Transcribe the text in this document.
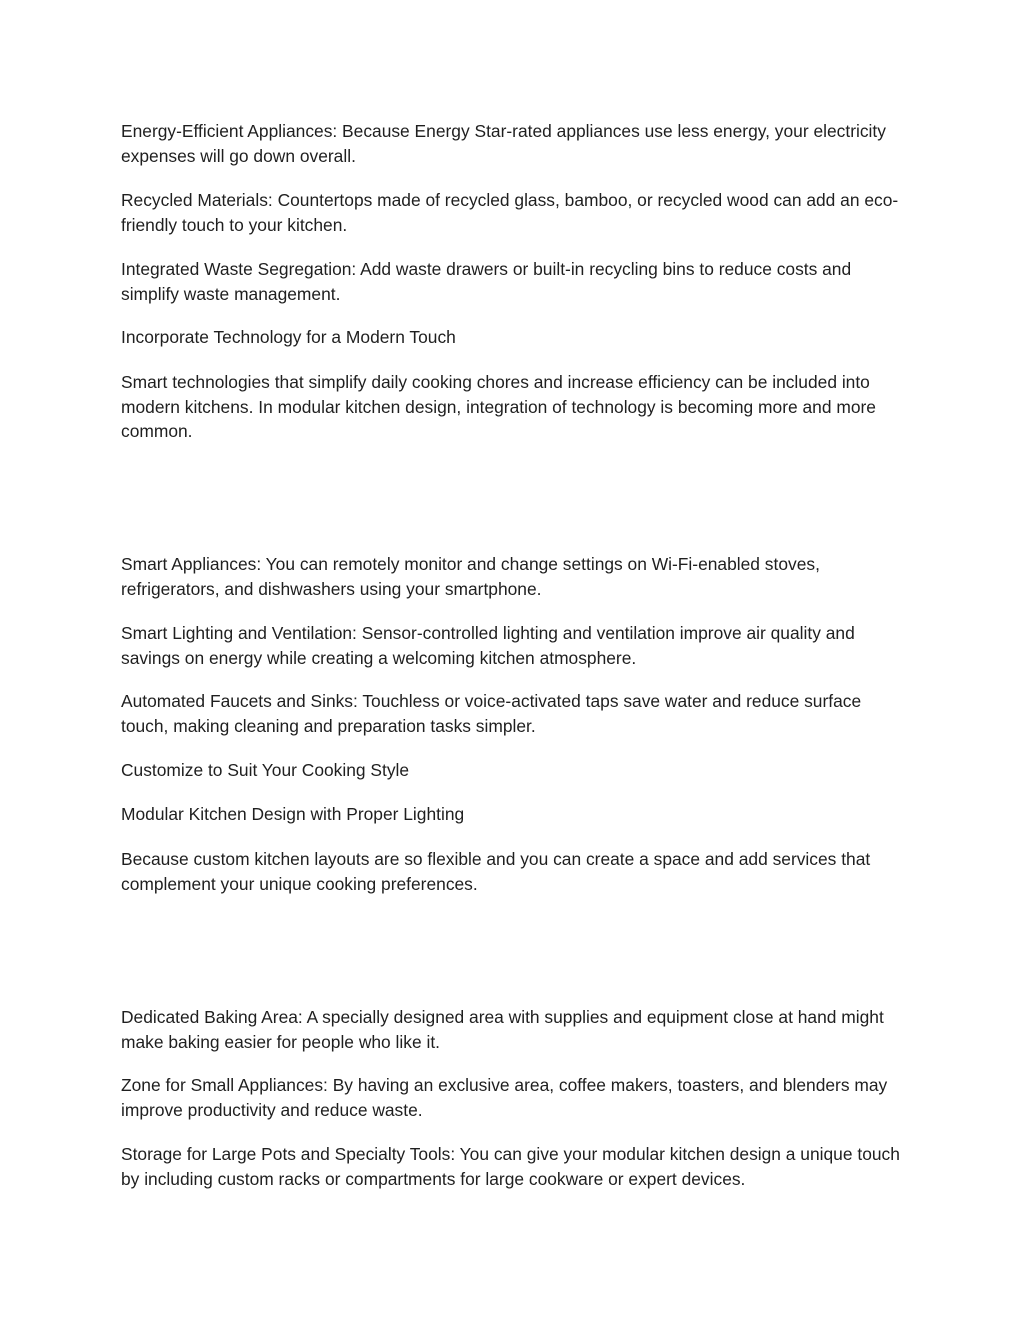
Energy-Efficient Appliances: Because Energy Star-rated appliances use less energy, your electricity expenses will go down overall.

Recycled Materials: Countertops made of recycled glass, bamboo, or recycled wood can add an eco-friendly touch to your kitchen.

Integrated Waste Segregation: Add waste drawers or built-in recycling bins to reduce costs and simplify waste management.

Incorporate Technology for a Modern Touch

Smart technologies that simplify daily cooking chores and increase efficiency can be included into modern kitchens. In modular kitchen design, integration of technology is becoming more and more common.

Smart Appliances: You can remotely monitor and change settings on Wi-Fi-enabled stoves, refrigerators, and dishwashers using your smartphone.

Smart Lighting and Ventilation: Sensor-controlled lighting and ventilation improve air quality and savings on energy while creating a welcoming kitchen atmosphere.

Automated Faucets and Sinks: Touchless or voice-activated taps save water and reduce surface touch, making cleaning and preparation tasks simpler.

Customize to Suit Your Cooking Style

Modular Kitchen Design with Proper Lighting

Because custom kitchen layouts are so flexible and you can create a space and add services that complement your unique cooking preferences.

Dedicated Baking Area: A specially designed area with supplies and equipment close at hand might make baking easier for people who like it.

Zone for Small Appliances: By having an exclusive area, coffee makers, toasters, and blenders may improve productivity and reduce waste.

Storage for Large Pots and Specialty Tools: You can give your modular kitchen design a unique touch by including custom racks or compartments for large cookware or expert devices.
